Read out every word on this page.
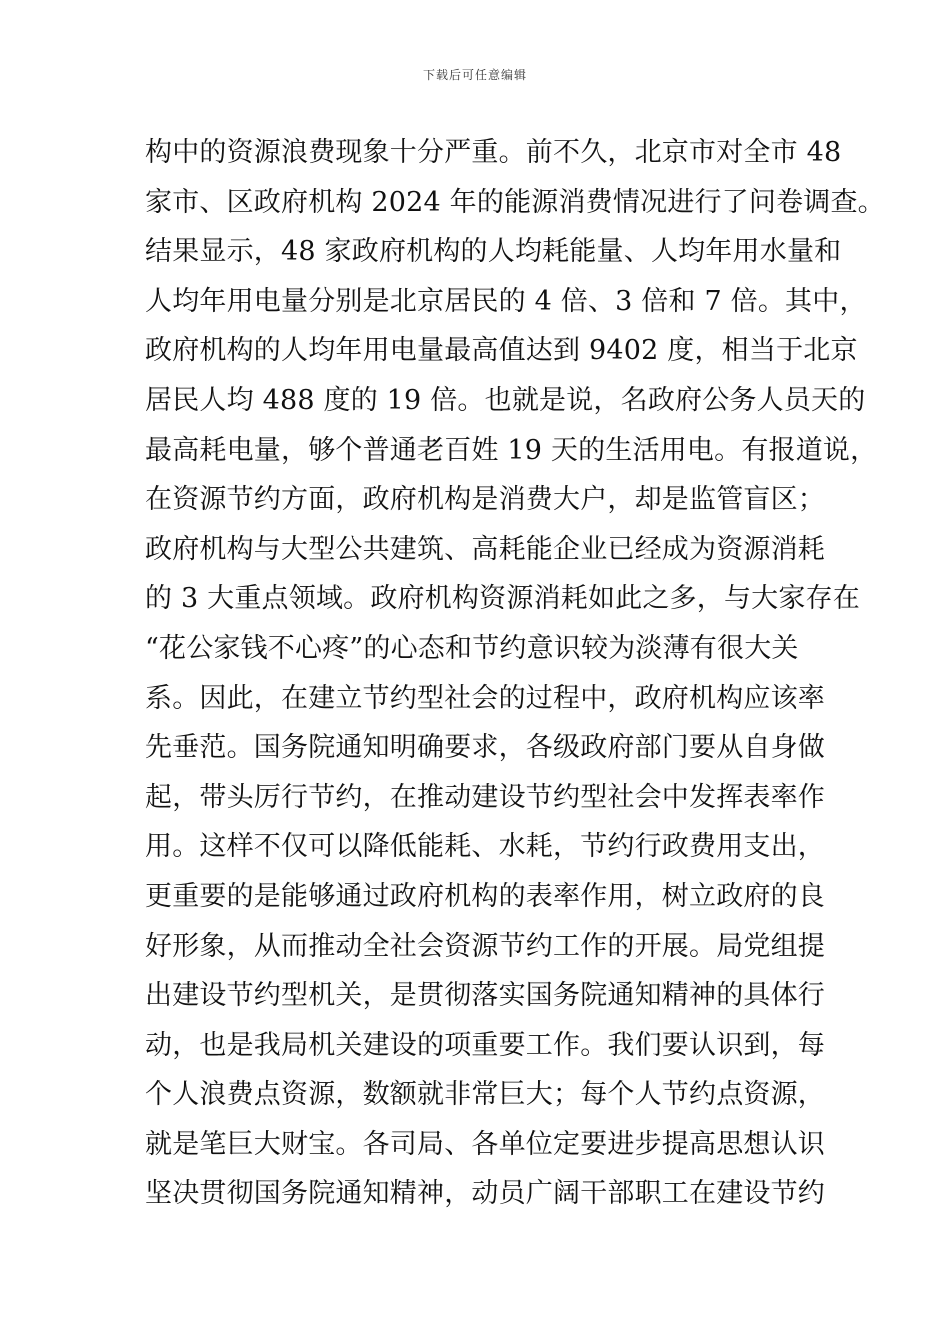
下载后可任意编辑
构中的资源浪费现象十分严重。前不久，北京市对全市 48
家市、区政府机构 2024 年的能源消费情况进行了问卷调查。
结果显示，48 家政府机构的人均耗能量、人均年用水量和
人均年用电量分别是北京居民的 4 倍、3 倍和 7 倍。其中，
政府机构的人均年用电量最高值达到 9402 度，相当于北京
居民人均 488 度的 19 倍。也就是说，名政府公务人员天的
最高耗电量，够个普通老百姓 19 天的生活用电。有报道说，
在资源节约方面，政府机构是消费大户，却是监管盲区；
政府机构与大型公共建筑、高耗能企业已经成为资源消耗
的 3 大重点领域。政府机构资源消耗如此之多，与大家存在
“花公家钱不心疼”的心态和节约意识较为淡薄有很大关
系。因此，在建立节约型社会的过程中，政府机构应该率
先垂范。国务院通知明确要求，各级政府部门要从自身做
起，带头厉行节约，在推动建设节约型社会中发挥表率作
用。这样不仅可以降低能耗、水耗，节约行政费用支出，
更重要的是能够通过政府机构的表率作用，树立政府的良
好形象，从而推动全社会资源节约工作的开展。局党组提
出建设节约型机关，是贯彻落实国务院通知精神的具体行
动，也是我局机关建设的项重要工作。我们要认识到，每
个人浪费点资源，数额就非常巨大；每个人节约点资源，
就是笔巨大财宝。各司局、各单位定要进步提高思想认识
坚决贯彻国务院通知精神，动员广阔干部职工在建设节约
